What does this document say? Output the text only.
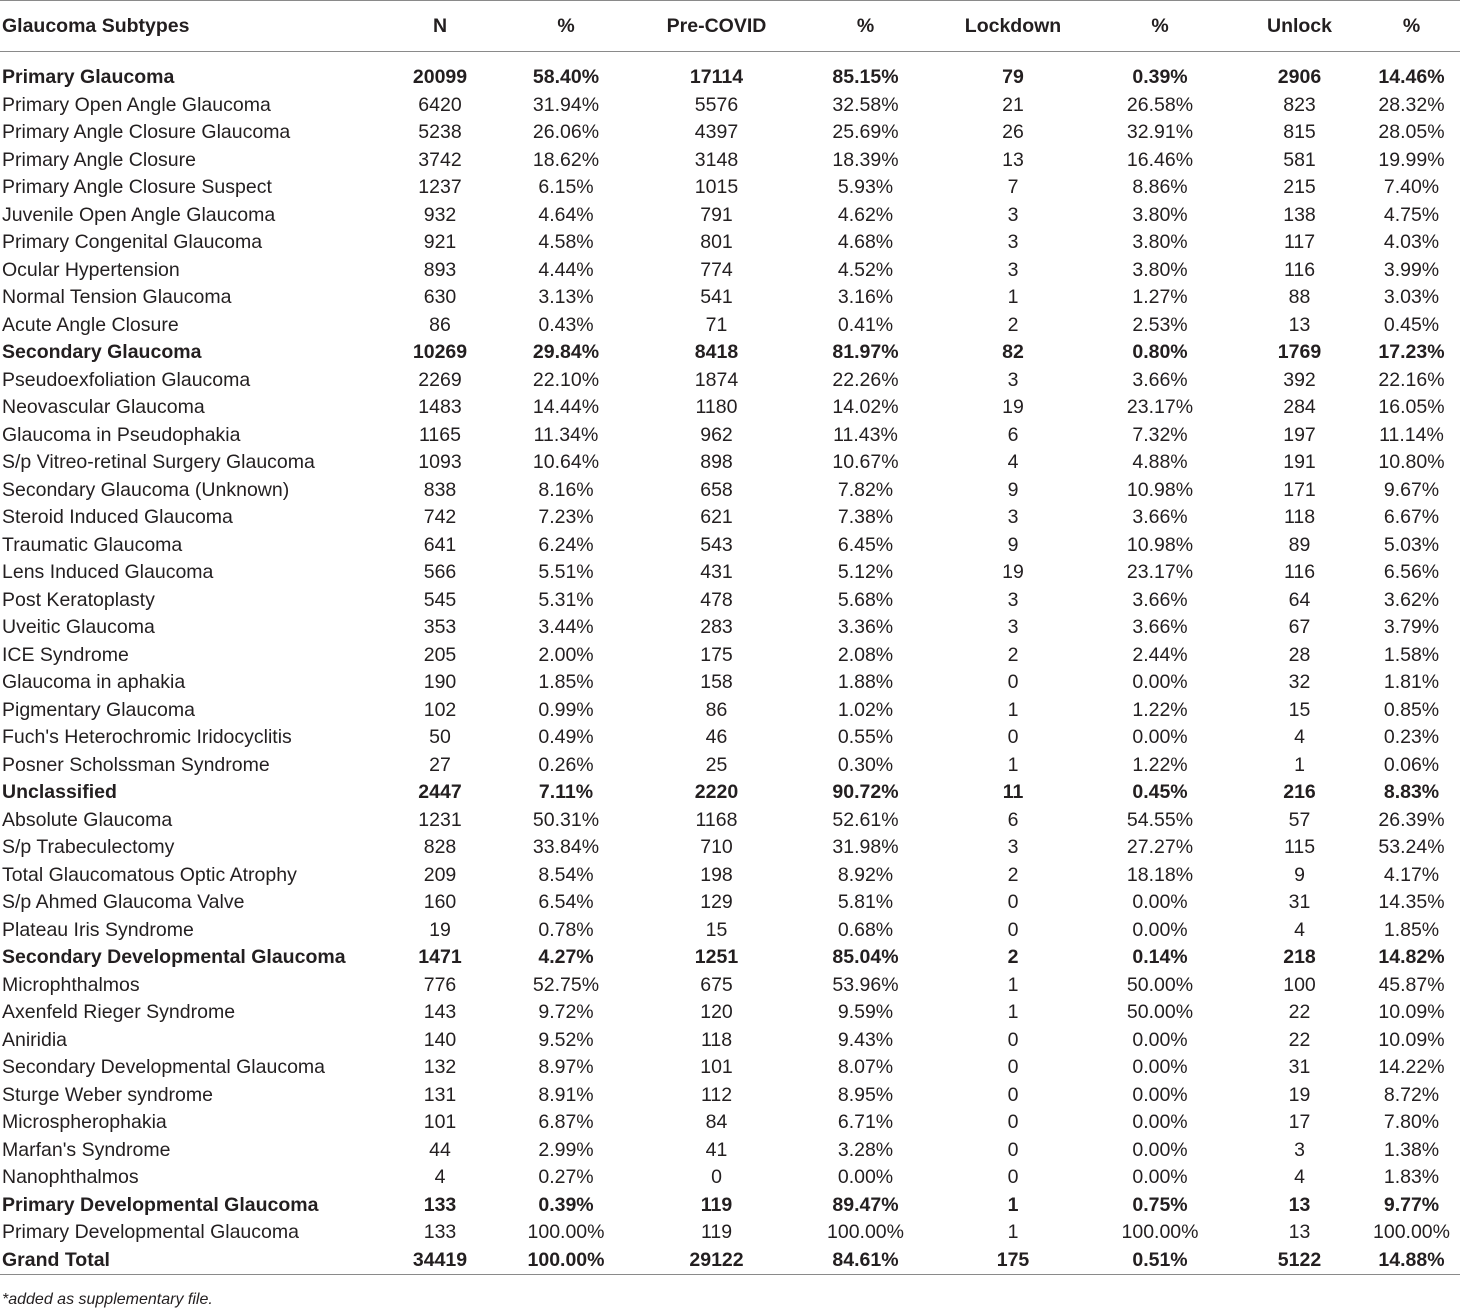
Glaucoma Subtypes	N	%	Pre-COVID	%	Lockdown	%	Unlock	%

Primary Glaucoma	20099	58.40%	17114	85.15%	79	0.39%	2906	14.46%
Primary Open Angle Glaucoma	6420	31.94%	5576	32.58%	21	26.58%	823	28.32%
Primary Angle Closure Glaucoma	5238	26.06%	4397	25.69%	26	32.91%	815	28.05%
Primary Angle Closure	3742	18.62%	3148	18.39%	13	16.46%	581	19.99%
Primary Angle Closure Suspect	1237	6.15%	1015	5.93%	7	8.86%	215	7.40%
Juvenile Open Angle Glaucoma	932	4.64%	791	4.62%	3	3.80%	138	4.75%
Primary Congenital Glaucoma	921	4.58%	801	4.68%	3	3.80%	117	4.03%
Ocular Hypertension	893	4.44%	774	4.52%	3	3.80%	116	3.99%
Normal Tension Glaucoma	630	3.13%	541	3.16%	1	1.27%	88	3.03%
Acute Angle Closure	86	0.43%	71	0.41%	2	2.53%	13	0.45%
Secondary Glaucoma	10269	29.84%	8418	81.97%	82	0.80%	1769	17.23%
Pseudoexfoliation Glaucoma	2269	22.10%	1874	22.26%	3	3.66%	392	22.16%
Neovascular Glaucoma	1483	14.44%	1180	14.02%	19	23.17%	284	16.05%
Glaucoma in Pseudophakia	1165	11.34%	962	11.43%	6	7.32%	197	11.14%
S/p Vitreo-retinal Surgery Glaucoma	1093	10.64%	898	10.67%	4	4.88%	191	10.80%
Secondary Glaucoma (Unknown)	838	8.16%	658	7.82%	9	10.98%	171	9.67%
Steroid Induced Glaucoma	742	7.23%	621	7.38%	3	3.66%	118	6.67%
Traumatic Glaucoma	641	6.24%	543	6.45%	9	10.98%	89	5.03%
Lens Induced Glaucoma	566	5.51%	431	5.12%	19	23.17%	116	6.56%
Post Keratoplasty	545	5.31%	478	5.68%	3	3.66%	64	3.62%
Uveitic Glaucoma	353	3.44%	283	3.36%	3	3.66%	67	3.79%
ICE Syndrome	205	2.00%	175	2.08%	2	2.44%	28	1.58%
Glaucoma in aphakia	190	1.85%	158	1.88%	0	0.00%	32	1.81%
Pigmentary Glaucoma	102	0.99%	86	1.02%	1	1.22%	15	0.85%
Fuch's Heterochromic Iridocyclitis	50	0.49%	46	0.55%	0	0.00%	4	0.23%
Posner Scholssman Syndrome	27	0.26%	25	0.30%	1	1.22%	1	0.06%
Unclassified	2447	7.11%	2220	90.72%	11	0.45%	216	8.83%
Absolute Glaucoma	1231	50.31%	1168	52.61%	6	54.55%	57	26.39%
S/p Trabeculectomy	828	33.84%	710	31.98%	3	27.27%	115	53.24%
Total Glaucomatous Optic Atrophy	209	8.54%	198	8.92%	2	18.18%	9	4.17%
S/p Ahmed Glaucoma Valve	160	6.54%	129	5.81%	0	0.00%	31	14.35%
Plateau Iris Syndrome	19	0.78%	15	0.68%	0	0.00%	4	1.85%
Secondary Developmental Glaucoma	1471	4.27%	1251	85.04%	2	0.14%	218	14.82%
Microphthalmos	776	52.75%	675	53.96%	1	50.00%	100	45.87%
Axenfeld Rieger Syndrome	143	9.72%	120	9.59%	1	50.00%	22	10.09%
Aniridia	140	9.52%	118	9.43%	0	0.00%	22	10.09%
Secondary Developmental Glaucoma	132	8.97%	101	8.07%	0	0.00%	31	14.22%
Sturge Weber syndrome	131	8.91%	112	8.95%	0	0.00%	19	8.72%
Microspherophakia	101	6.87%	84	6.71%	0	0.00%	17	7.80%
Marfan's Syndrome	44	2.99%	41	3.28%	0	0.00%	3	1.38%
Nanophthalmos	4	0.27%	0	0.00%	0	0.00%	4	1.83%
Primary Developmental Glaucoma	133	0.39%	119	89.47%	1	0.75%	13	9.77%
Primary Developmental Glaucoma	133	100.00%	119	100.00%	1	100.00%	13	100.00%
Grand Total	34419	100.00%	29122	84.61%	175	0.51%	5122	14.88%
*added as supplementary file.
